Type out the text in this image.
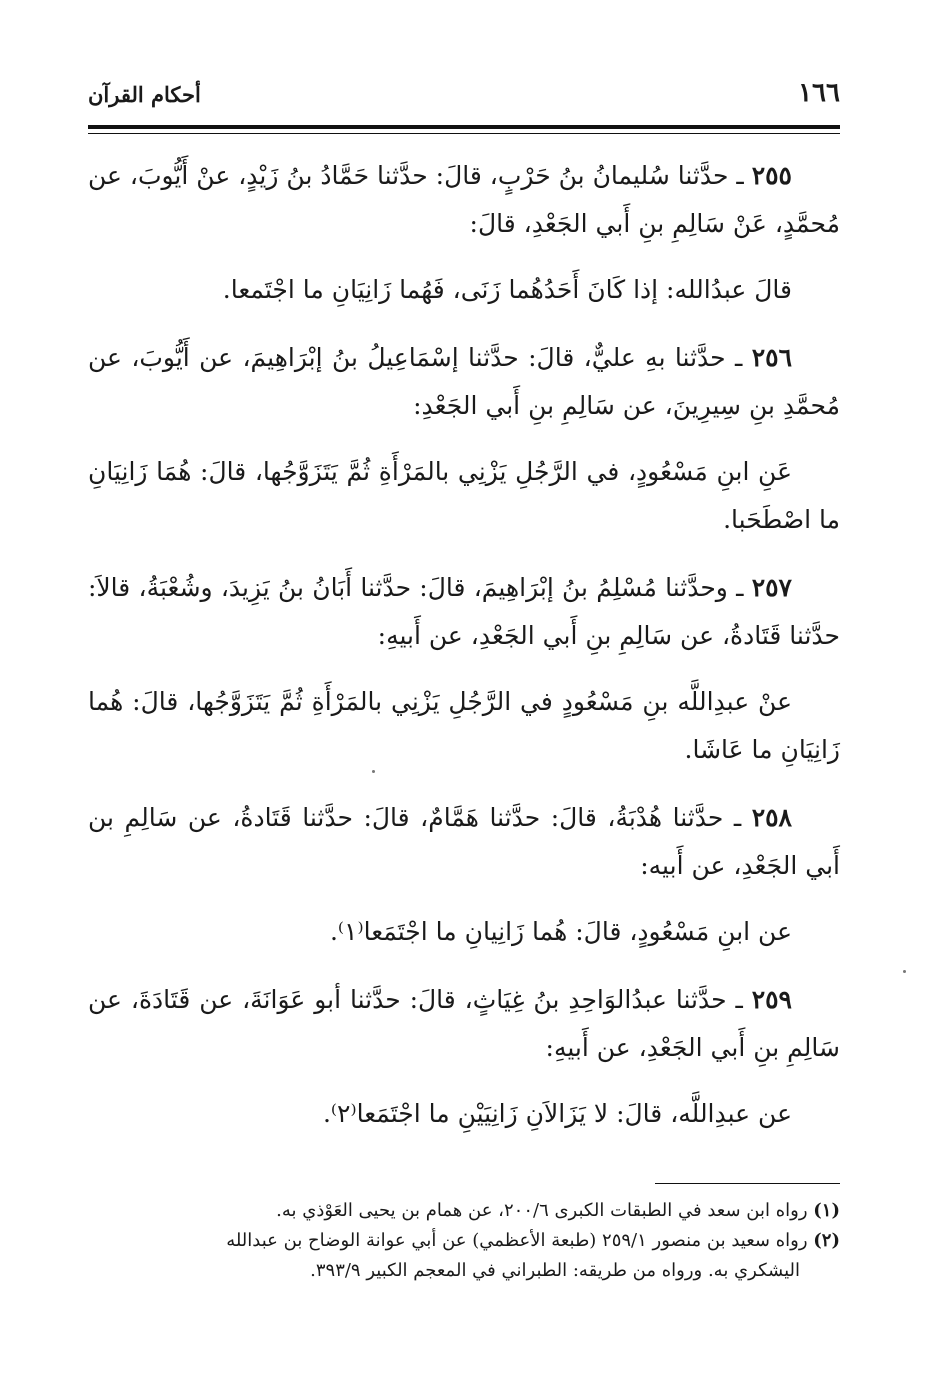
١٦٦
أحكام القرآن

٢٥٥ ـ حدَّثنا سُليمانُ بنُ حَرْبٍ، قالَ: حدَّثنا حَمَّادُ بنُ زَيْدٍ، عنْ أَيُّوبَ، عن مُحمَّدٍ، عَنْ سَالِمِ بنِ أَبي الجَعْدِ، قالَ:

قالَ عبدُالله: إذا كَانَ أَحَدُهُما زَنَى، فَهُما زَانِيَانِ ما اجْتَمعا.

٢٥٦ ـ حدَّثنا بهِ عليٌّ، قالَ: حدَّثنا إسْمَاعِيلُ بنُ إبْرَاهِيمَ، عن أَيُّوبَ، عن مُحمَّدِ بنِ سِيرِينَ، عن سَالِمِ بنِ أَبي الجَعْدِ:

عَنِ ابنِ مَسْعُودٍ، في الرَّجُلِ يَزْنِي بالمَرْأَةِ ثُمَّ يَتَزَوَّجُها، قالَ: هُمَا زَانِيَانِ ما اصْطَحَبا.

٢٥٧ ـ وحدَّثنا مُسْلِمُ بنُ إبْرَاهِيمَ، قالَ: حدَّثنا أَبَانُ بنُ يَزِيدَ، وشُعْبَةُ، قالاَ: حدَّثنا قَتَادةُ، عن سَالِمِ بنِ أَبي الجَعْدِ، عن أَبيهِ:

عنْ عبدِاللَّه بنِ مَسْعُودٍ في الرَّجُلِ يَزْنِي بالمَرْأَةِ ثُمَّ يَتَزَوَّجُها، قالَ: هُما زَانِيَانِ ما عَاشَا.

٢٥٨ ـ حدَّثنا هُدْبَةُ، قالَ: حدَّثنا هَمَّامٌ، قالَ: حدَّثنا قَتَادةُ، عن سَالِمِ بن أَبي الجَعْدِ، عن أَبيه:

عن ابنِ مَسْعُودٍ، قالَ: هُما زَانِيانِ ما اجْتَمَعا⁽١⁾.

٢٥٩ ـ حدَّثنا عبدُالوَاحِدِ بنُ غِيَاثٍ، قالَ: حدَّثنا أبو عَوَانَةَ، عن قَتَادَةَ، عن سَالِمِ بنِ أَبي الجَعْدِ، عن أَبيهِ:

عن عبدِاللَّه، قالَ: لا يَزَالاَنِ زَانِيَيْنِ ما اجْتَمَعا⁽٢⁾.

(١) رواه ابن سعد في الطبقات الكبرى ٢٠٠/٦، عن همام بن يحيى العَوْذي به.

(٢) رواه سعيد بن منصور ٢٥٩/١ (طبعة الأعظمي) عن أبي عوانة الوضاح بن عبدالله

اليشكري به. ورواه من طريقه: الطبراني في المعجم الكبير ٣٩٣/٩.
